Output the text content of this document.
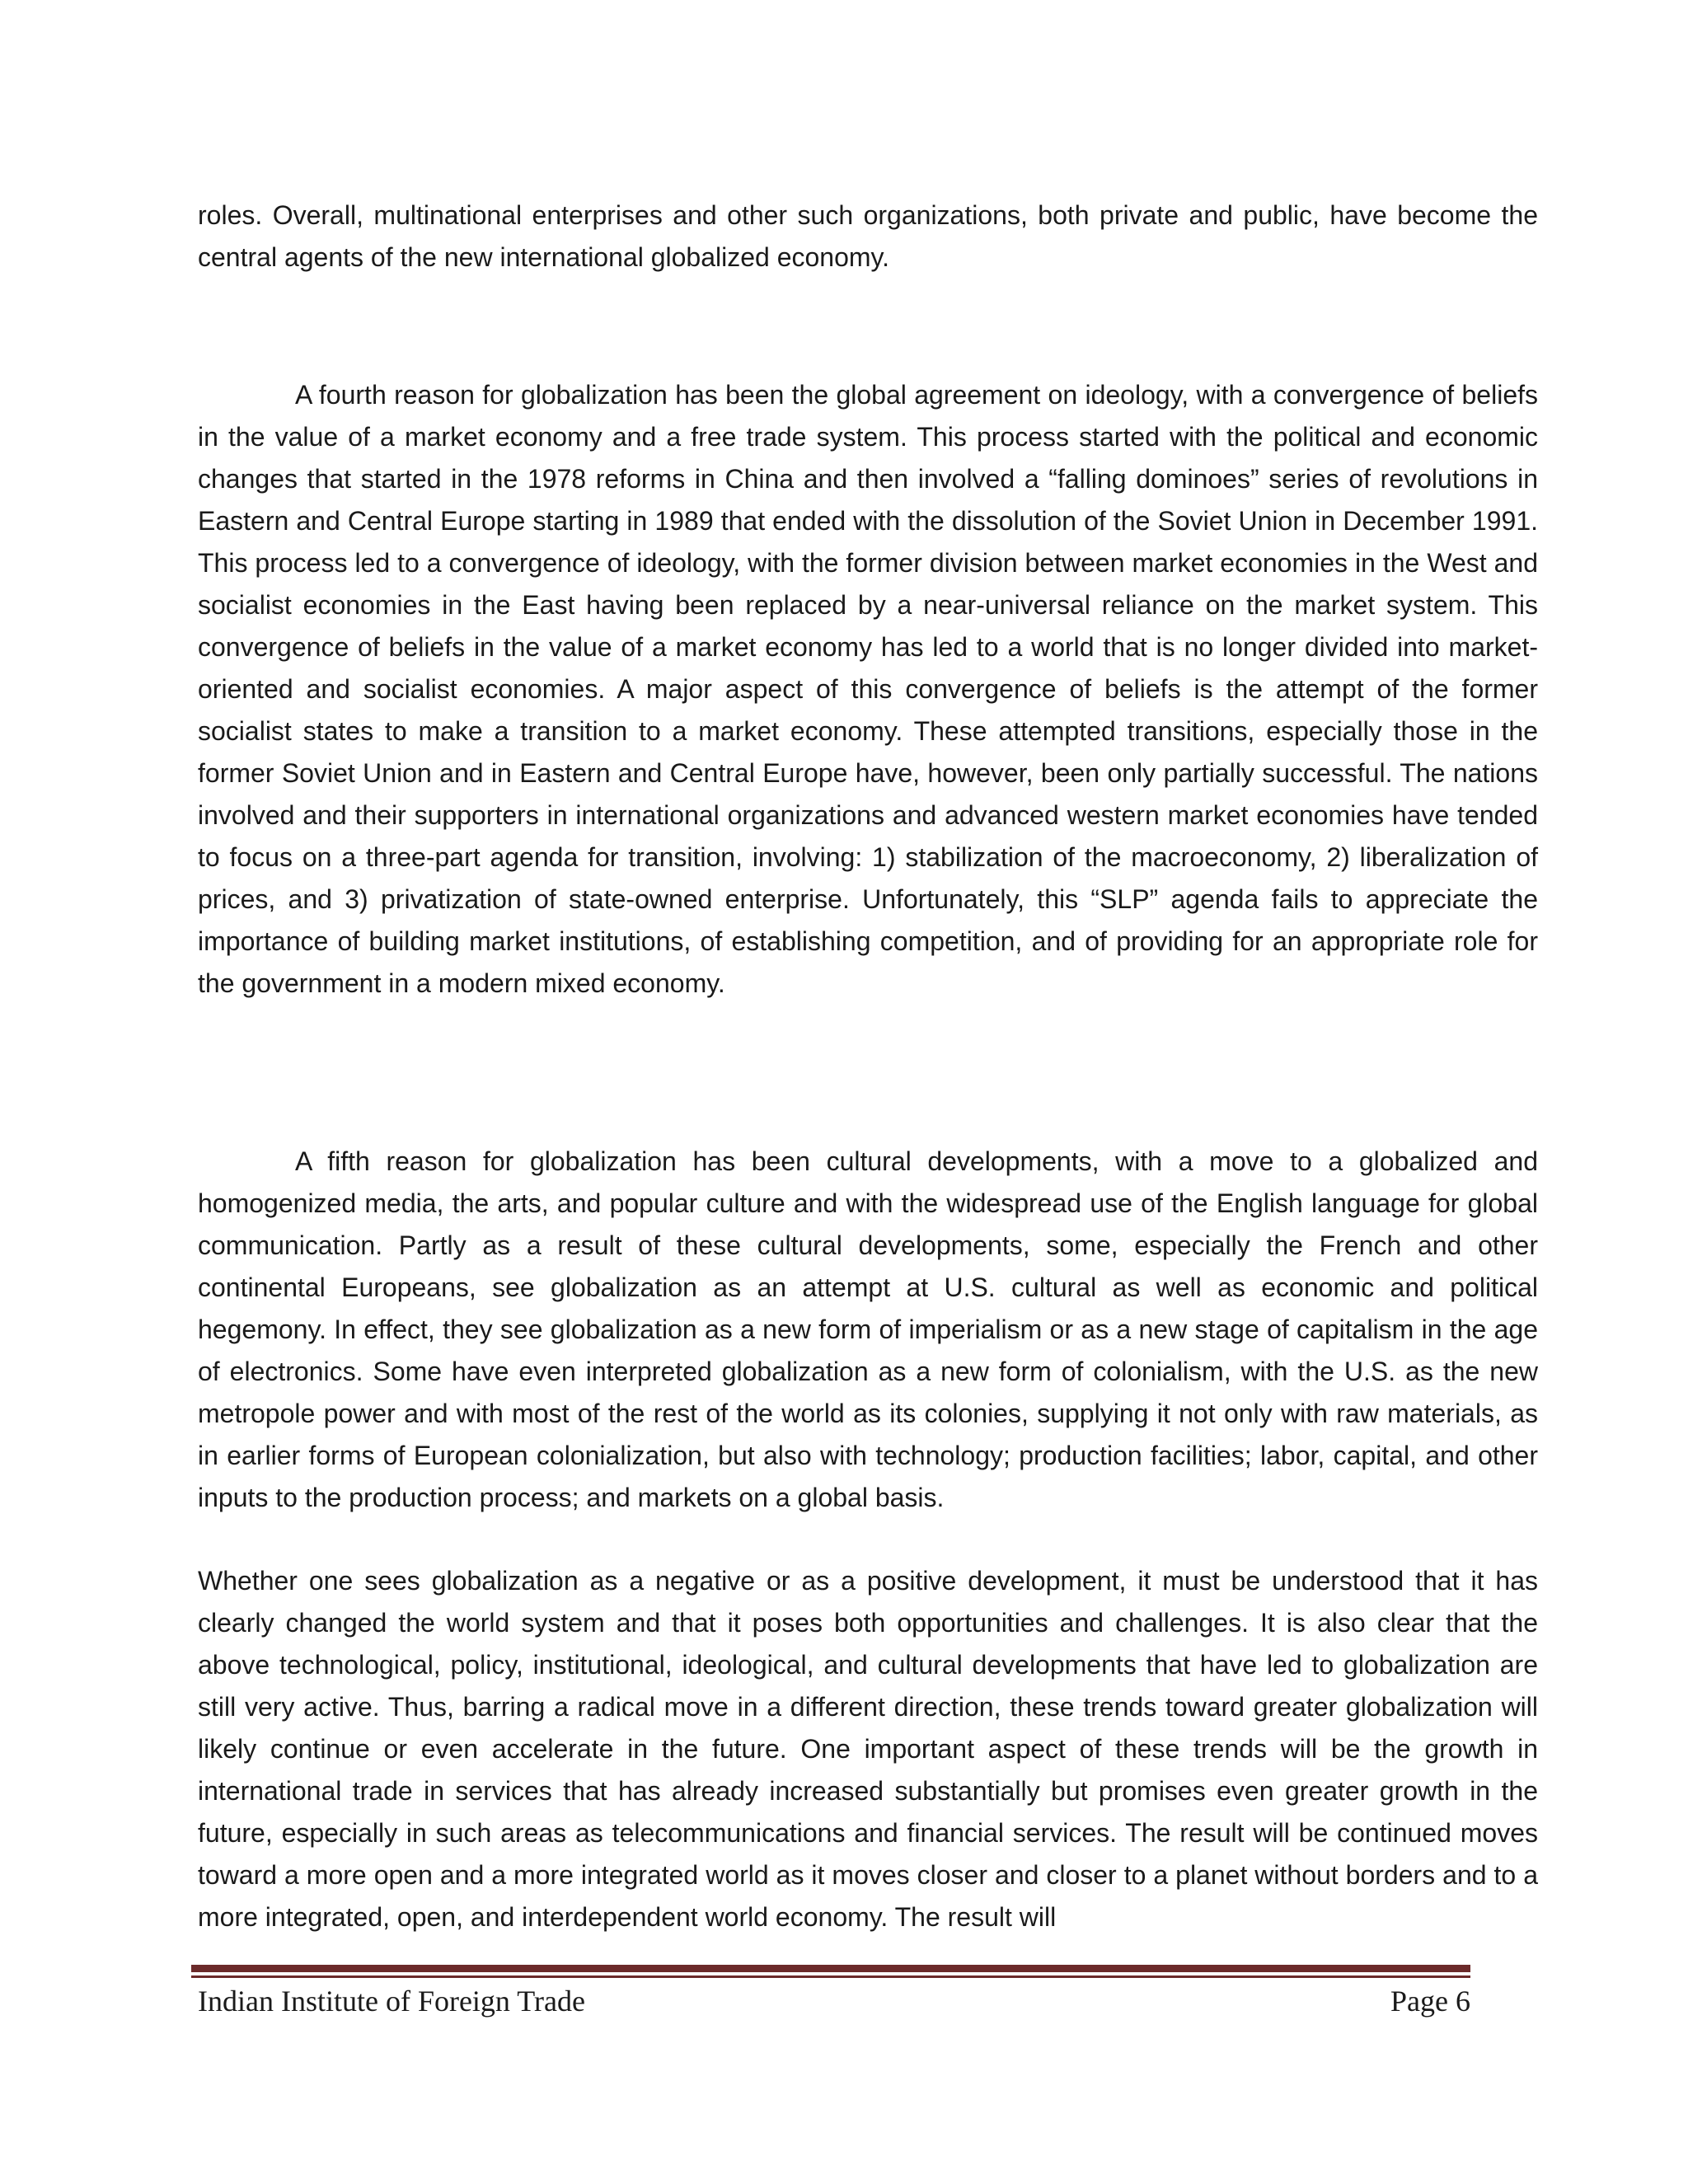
roles. Overall, multinational enterprises and other such organizations, both private and public, have become the central agents of the new international globalized economy.

A fourth reason for globalization has been the global agreement on ideology, with a convergence of beliefs in the value of a market economy and a free trade system. This process started with the political and economic changes that started in the 1978 reforms in China and then involved a “falling dominoes” series of revolutions in Eastern and Central Europe starting in 1989 that ended with the dissolution of the Soviet Union in December 1991. This process led to a convergence of ideology, with the former division between market economies in the West and socialist economies in the East having been replaced by a near-universal reliance on the market system. This convergence of beliefs in the value of a market economy has led to a world that is no longer divided into market-oriented and socialist economies. A major aspect of this convergence of beliefs is the attempt of the former socialist states to make a transition to a market economy. These attempted transitions, especially those in the former Soviet Union and in Eastern and Central Europe have, however, been only partially successful. The nations involved and their supporters in international organizations and advanced western market economies have tended to focus on a three-part agenda for transition, involving: 1) stabilization of the macroeconomy, 2) liberalization of prices, and 3) privatization of state-owned enterprise. Unfortunately, this “SLP” agenda fails to appreciate the importance of building market institutions, of establishing competition, and of providing for an appropriate role for the government in a modern mixed economy.

A fifth reason for globalization has been cultural developments, with a move to a globalized and homogenized media, the arts, and popular culture and with the widespread use of the English language for global communication. Partly as a result of these cultural developments, some, especially the French and other continental Europeans, see globalization as an attempt at U.S. cultural as well as economic and political hegemony. In effect, they see globalization as a new form of imperialism or as a new stage of capitalism in the age of electronics. Some have even interpreted globalization as a new form of colonialism, with the U.S. as the new metropole power and with most of the rest of the world as its colonies, supplying it not only with raw materials, as in earlier forms of European colonialization, but also with technology; production facilities; labor, capital, and other inputs to the production process; and markets on a global basis.

Whether one sees globalization as a negative or as a positive development, it must be understood that it has clearly changed the world system and that it poses both opportunities and challenges. It is also clear that the above technological, policy, institutional, ideological, and cultural developments that have led to globalization are still very active. Thus, barring a radical move in a different direction, these trends toward greater globalization will likely continue or even accelerate in the future. One important aspect of these trends will be the growth in international trade in services that has already increased substantially but promises even greater growth in the future, especially in such areas as telecommunications and financial services. The result will be continued moves toward a more open and a more integrated world as it moves closer and closer to a planet without borders and to a more integrated, open, and interdependent world economy. The result will

Indian Institute of Foreign Trade	Page 6
